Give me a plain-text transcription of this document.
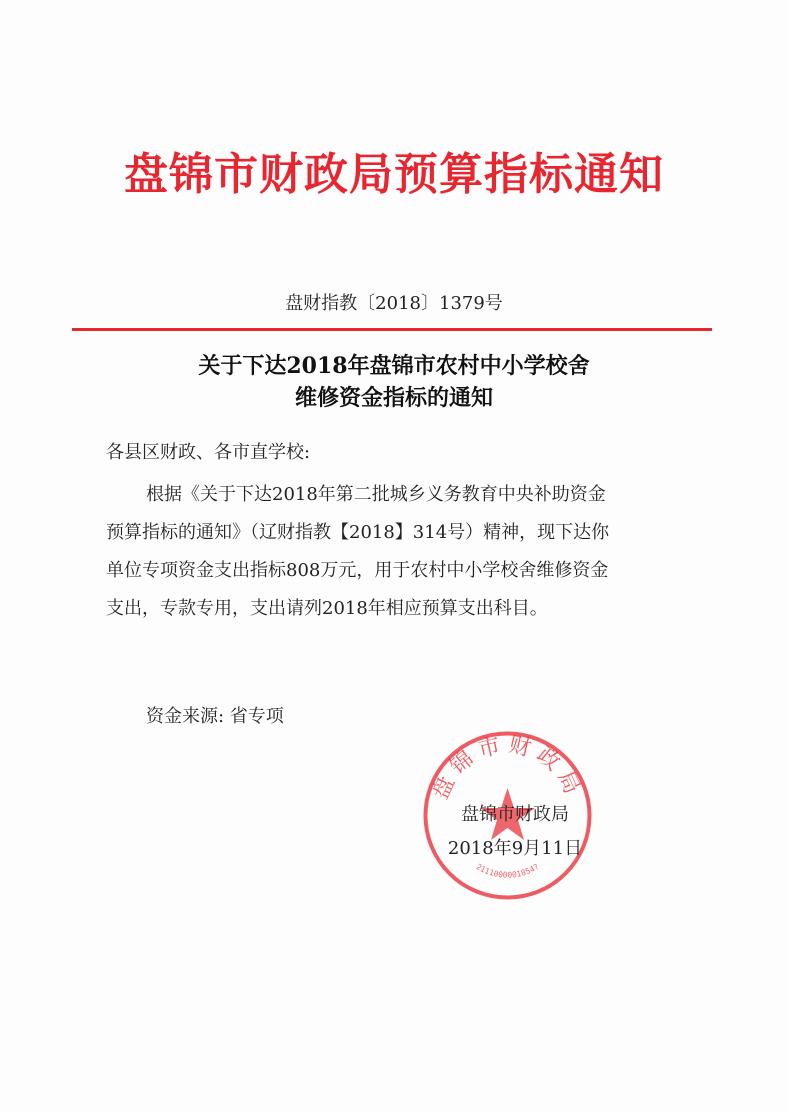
盘锦市财政局预算指标通知
盘财指教〔2018〕1379号
关于下达2018年盘锦市农村中小学校舍
维修资金指标的通知
各县区财政、各市直学校:
根据《关于下达2018年第二批城乡义务教育中央补助资金
预算指标的通知》（辽财指教【2018】314号）精神，现下达你
单位专项资金支出指标808万元，用于农村中小学校舍维修资金
支出，专款专用，支出请列2018年相应预算支出科目。
资金来源: 省专项
盘锦市财政局
2111000001854?
盘锦市财政局
2018年9月11日
